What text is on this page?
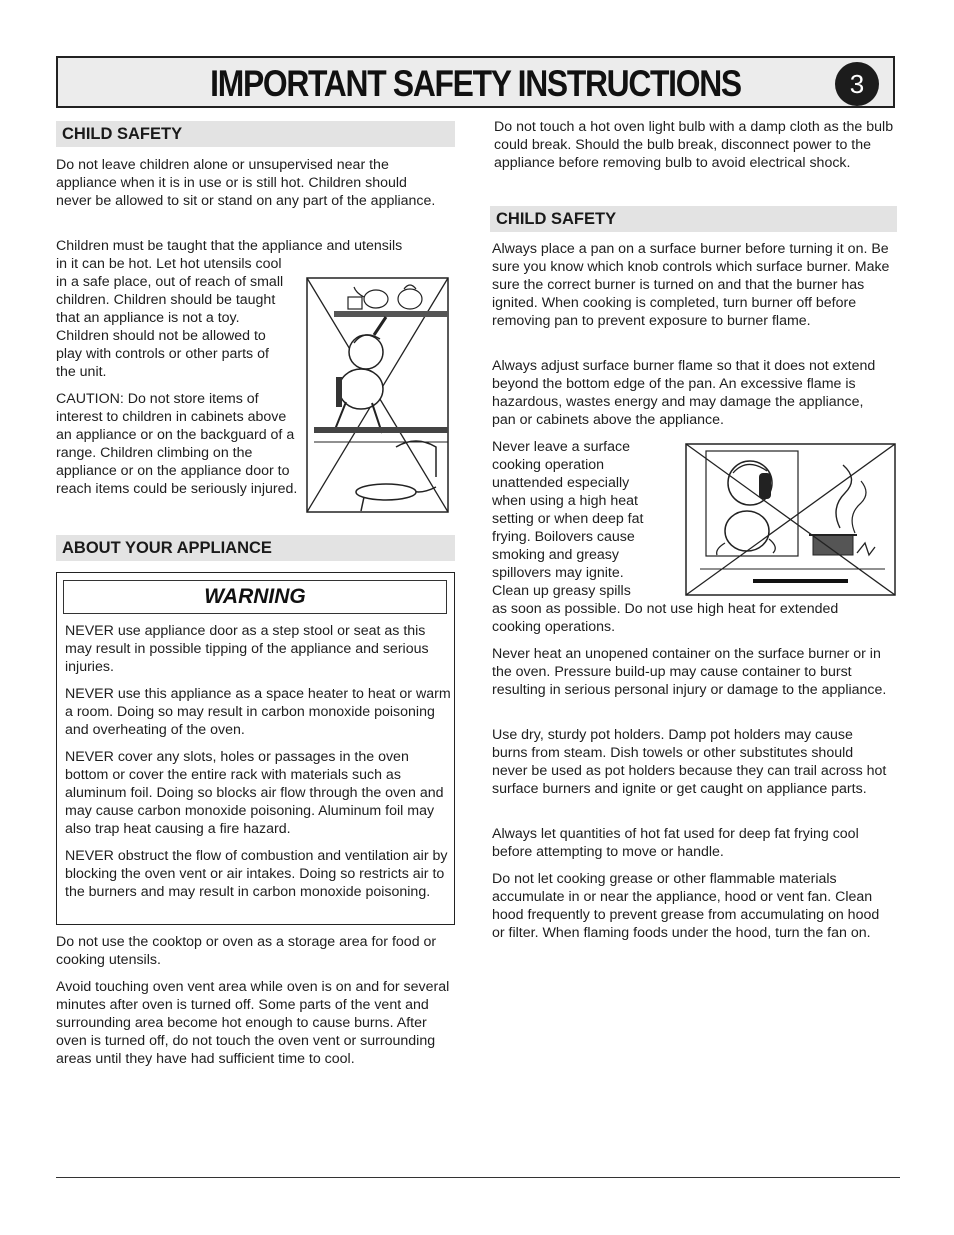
IMPORTANT SAFETY INSTRUCTIONS	3
CHILD SAFETY

Do not leave children alone or unsupervised near the appliance when it is in use or is still hot. Children should never be allowed to sit or stand on any part of the appliance.

Children must be taught that the appliance and utensils

in it can be hot. Let hot utensils cool in a safe place, out of reach of small children. Children should be taught that an appliance is not a toy. Children should not be allowed to play with controls or other parts of the unit.

CAUTION: Do not store items of interest to children in cabinets above an appliance or on the backguard of a range. Children climbing on the appliance or on the appliance door to reach items could be seriously injured.

ABOUT YOUR APPLIANCE
WARNING

NEVER use appliance door as a step stool or seat as this may result in possible tipping of the appliance and serious injuries.

NEVER use this appliance as a space heater to heat or warm a room. Doing so may result in carbon monoxide poisoning and overheating of the oven.

NEVER cover any slots, holes or passages in the oven bottom or cover the entire rack with materials such as aluminum foil. Doing so blocks air flow through the oven and may cause carbon monoxide poisoning. Aluminum foil may also trap heat causing a fire hazard.

NEVER obstruct the flow of combustion and ventilation air by blocking the oven vent or air intakes. Doing so restricts air to the burners and may result in carbon monoxide poisoning.

Do not use the cooktop or oven as a storage area for food or cooking utensils.

Avoid touching oven vent area while oven is on and for several minutes after oven is turned off. Some parts of the vent and surrounding area become hot enough to cause burns. After oven is turned off, do not touch the oven vent or surrounding areas until they have had sufficient time to cool.

Do not touch a hot oven light bulb with a damp cloth as the bulb could break. Should the bulb break, disconnect power to the appliance before removing bulb to avoid electrical shock.

CHILD SAFETY

Always place a pan on a surface burner before turning it on. Be sure you know which knob controls which surface burner. Make sure the correct burner is turned on and that the burner has ignited. When cooking is completed, turn burner off before removing pan to prevent exposure to burner flame.

Always adjust surface burner flame so that it does not extend beyond the bottom edge of the pan. An excessive flame is hazardous, wastes energy and may damage the appliance, pan or cabinets above the appliance.

Never leave a surface cooking operation unattended especially when using a high heat setting or when deep fat frying. Boilovers cause smoking and greasy spillovers may ignite. Clean up greasy spills

as soon as possible. Do not use high heat for extended cooking operations.

Never heat an unopened container on the surface burner or in the oven. Pressure build-up may cause container to burst resulting in serious personal injury or damage to the appliance.

Use dry, sturdy pot holders. Damp pot holders may cause burns from steam. Dish towels or other substitutes should never be used as pot holders because they can trail across hot surface burners and ignite or get caught on appliance parts.

Always let quantities of hot fat used for deep fat frying cool before attempting to move or handle.

Do not let cooking grease or other flammable materials accumulate in or near the appliance, hood or vent fan. Clean hood frequently to prevent grease from accumulating on hood or filter. When flaming foods under the hood, turn the fan on.
